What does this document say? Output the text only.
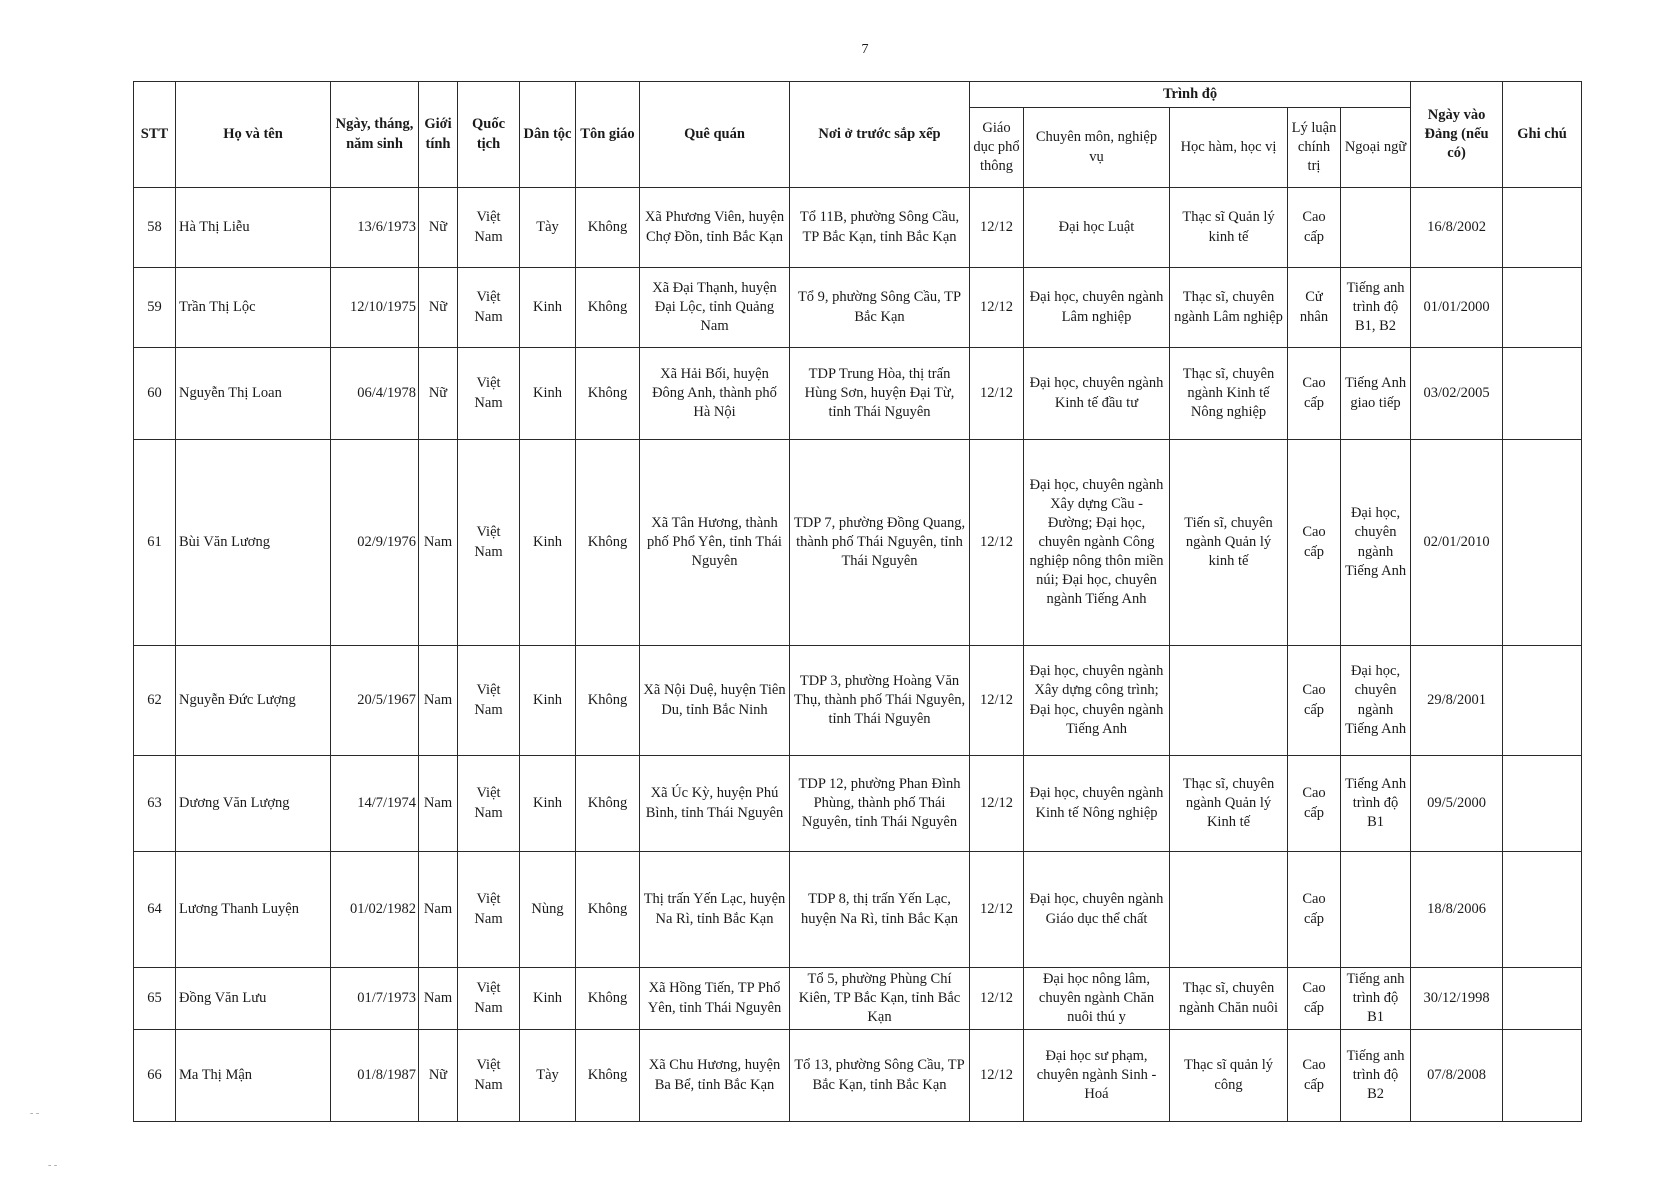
7
STT	Họ và tên	Ngày, tháng, năm sinh	Giới tính	Quốc tịch	Dân tộc	Tôn giáo	Quê quán	Nơi ở trước sắp xếp	Trình độ					Ngày vào Đảng (nếu có)	Ghi chú
									Giáo dục phổ thông	Chuyên môn, nghiệp vụ	Học hàm, học vị	Lý luận chính trị	Ngoại ngữ		
58	Hà Thị Liễu	13/6/1973	Nữ	Việt Nam	Tày	Không	Xã Phương Viên, huyện Chợ Đồn, tỉnh Bắc Kạn	Tổ 11B, phường Sông Cầu, TP Bắc Kạn, tỉnh Bắc Kạn	12/12	Đại học Luật	Thạc sĩ Quản lý kinh tế	Cao cấp		16/8/2002	
59	Trần Thị Lộc	12/10/1975	Nữ	Việt Nam	Kinh	Không	Xã Đại Thạnh, huyện Đại Lộc, tỉnh Quảng Nam	Tổ 9, phường Sông Cầu, TP Bắc Kạn	12/12	Đại học, chuyên ngành Lâm nghiệp	Thạc sĩ, chuyên ngành Lâm nghiệp	Cử nhân	Tiếng anh trình độ B1, B2	01/01/2000	
60	Nguyễn Thị Loan	06/4/1978	Nữ	Việt Nam	Kinh	Không	Xã Hải Bối, huyện Đông Anh, thành phố Hà Nội	TDP Trung Hòa, thị trấn Hùng Sơn, huyện Đại Từ, tỉnh Thái Nguyên	12/12	Đại học, chuyên ngành Kinh tế đầu tư	Thạc sĩ, chuyên ngành Kinh tế Nông nghiệp	Cao cấp	Tiếng Anh giao tiếp	03/02/2005	
61	Bùi Văn Lương	02/9/1976	Nam	Việt Nam	Kinh	Không	Xã Tân Hương, thành phố Phổ Yên, tỉnh Thái Nguyên	TDP 7, phường Đồng Quang, thành phố Thái Nguyên, tỉnh Thái Nguyên	12/12	Đại học, chuyên ngành Xây dựng Cầu - Đường; Đại học, chuyên ngành Công nghiệp nông thôn miền núi; Đại học, chuyên ngành Tiếng Anh	Tiến sĩ, chuyên ngành Quản lý kinh tế	Cao cấp	Đại học, chuyên ngành Tiếng Anh	02/01/2010	
62	Nguyễn Đức Lượng	20/5/1967	Nam	Việt Nam	Kinh	Không	Xã Nội Duệ, huyện Tiên Du, tỉnh Bắc Ninh	TDP 3, phường Hoàng Văn Thụ, thành phố Thái Nguyên, tỉnh Thái Nguyên	12/12	Đại học, chuyên ngành Xây dựng công trình; Đại học, chuyên ngành Tiếng Anh		Cao cấp	Đại học, chuyên ngành Tiếng Anh	29/8/2001	
63	Dương Văn Lượng	14/7/1974	Nam	Việt Nam	Kinh	Không	Xã Úc Kỳ, huyện Phú Bình, tỉnh Thái Nguyên	TDP 12, phường Phan Đình Phùng, thành phố Thái Nguyên, tỉnh Thái Nguyên	12/12	Đại học, chuyên ngành Kinh tế Nông nghiệp	Thạc sĩ, chuyên ngành Quản lý Kinh tế	Cao cấp	Tiếng Anh trình độ B1	09/5/2000	
64	Lương Thanh Luyện	01/02/1982	Nam	Việt Nam	Nùng	Không	Thị trấn Yến Lạc, huyện Na Rì, tỉnh Bắc Kạn	TDP 8, thị trấn Yến Lạc, huyện Na Rì, tỉnh Bắc Kạn	12/12	Đại học, chuyên ngành Giáo dục thể chất		Cao cấp		18/8/2006	
65	Đồng Văn Lưu	01/7/1973	Nam	Việt Nam	Kinh	Không	Xã Hồng Tiến, TP Phổ Yên, tỉnh Thái Nguyên	Tổ 5, phường Phùng Chí Kiên, TP Bắc Kạn, tỉnh Bắc Kạn	12/12	Đại học nông lâm, chuyên ngành Chăn nuôi thú y	Thạc sĩ, chuyên ngành Chăn nuôi	Cao cấp	Tiếng anh trình độ B1	30/12/1998	
66	Ma Thị Mận	01/8/1987	Nữ	Việt Nam	Tày	Không	Xã Chu Hương, huyện Ba Bể, tỉnh Bắc Kạn	Tổ 13, phường Sông Cầu, TP Bắc Kạn, tỉnh Bắc Kạn	12/12	Đại học sư phạm, chuyên ngành Sinh - Hoá	Thạc sĩ quản lý công	Cao cấp	Tiếng anh trình độ B2	07/8/2008	
- -
- -
